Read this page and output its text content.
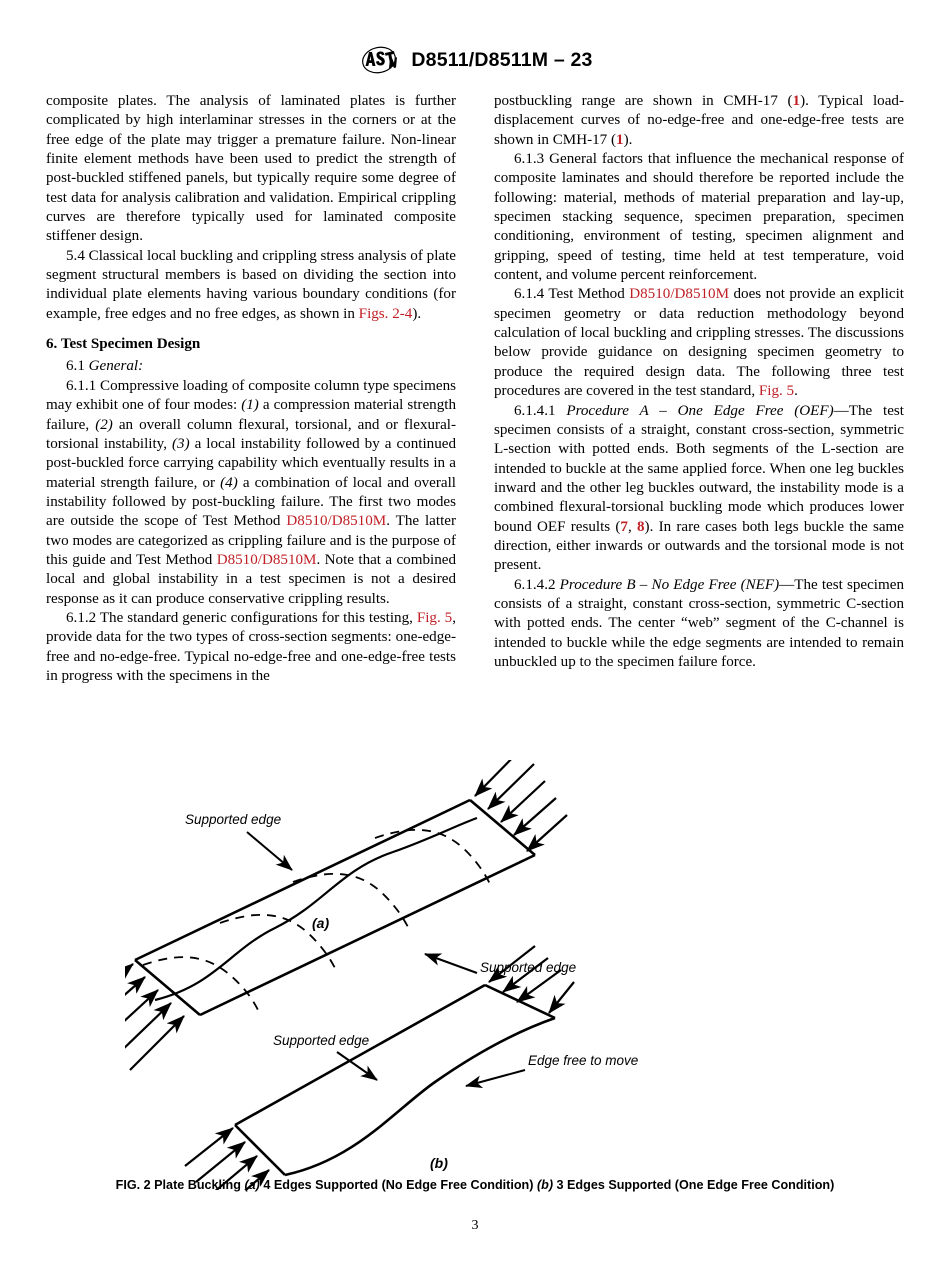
D8511/D8511M – 23

composite plates. The analysis of laminated plates is further complicated by high interlaminar stresses in the corners or at the free edge of the plate may trigger a premature failure. Non-linear finite element methods have been used to predict the strength of post-buckled stiffened panels, but typically require some degree of test data for analysis calibration and validation. Empirical crippling curves are therefore typically used for laminated composite stiffener design.

5.4 Classical local buckling and crippling stress analysis of plate segment structural members is based on dividing the section into individual plate elements having various boundary conditions (for example, free edges and no free edges, as shown in Figs. 2-4).

6. Test Specimen Design

6.1 General:

6.1.1 Compressive loading of composite column type specimens may exhibit one of four modes: (1) a compression material strength failure, (2) an overall column flexural, torsional, and or flexural-torsional instability, (3) a local instability followed by a continued post-buckled force carrying capability which eventually results in a material strength failure, or (4) a combination of local and overall instability followed by post-buckling failure. The first two modes are outside the scope of Test Method D8510/D8510M. The latter two modes are categorized as crippling failure and is the purpose of this guide and Test Method D8510/D8510M. Note that a combined local and global instability in a test specimen is not a desired response as it can produce conservative crippling results.

6.1.2 The standard generic configurations for this testing, Fig. 5, provide data for the two types of cross-section segments: one-edge-free and no-edge-free. Typical no-edge-free and one-edge-free tests in progress with the specimens in the

postbuckling range are shown in CMH-17 (1). Typical load-displacement curves of no-edge-free and one-edge-free tests are shown in CMH-17 (1).

6.1.3 General factors that influence the mechanical response of composite laminates and should therefore be reported include the following: material, methods of material preparation and lay-up, specimen stacking sequence, specimen preparation, specimen conditioning, environment of testing, specimen alignment and gripping, speed of testing, time held at test temperature, void content, and volume percent reinforcement.

6.1.4 Test Method D8510/D8510M does not provide an explicit specimen geometry or data reduction methodology beyond calculation of local buckling and crippling stresses. The discussions below provide guidance on designing specimen geometry to produce the required design data. The following three test procedures are covered in the test standard, Fig. 5.

6.1.4.1 Procedure A – One Edge Free (OEF)—The test specimen consists of a straight, constant cross-section, symmetric L-section with potted ends. Both segments of the L-section are intended to buckle at the same applied force. When one leg buckles inward and the other leg buckles outward, the instability mode is a combined flexural-torsional buckling mode which produces lower bound OEF results (7, 8). In rare cases both legs buckle the same direction, either inwards or outwards and the torsional mode is not present.

6.1.4.2 Procedure B – No Edge Free (NEF)—The test specimen consists of a straight, constant cross-section, symmetric C-section with potted ends. The center “web” segment of the C-channel is intended to buckle while the edge segments are intended to remain unbuckled up to the specimen failure force.

Supported edge
Supported edge
(a)
Supported edge
Edge free to move
(b)
FIG. 2 Plate Buckling (a) 4 Edges Supported (No Edge Free Condition) (b) 3 Edges Supported (One Edge Free Condition)
3
